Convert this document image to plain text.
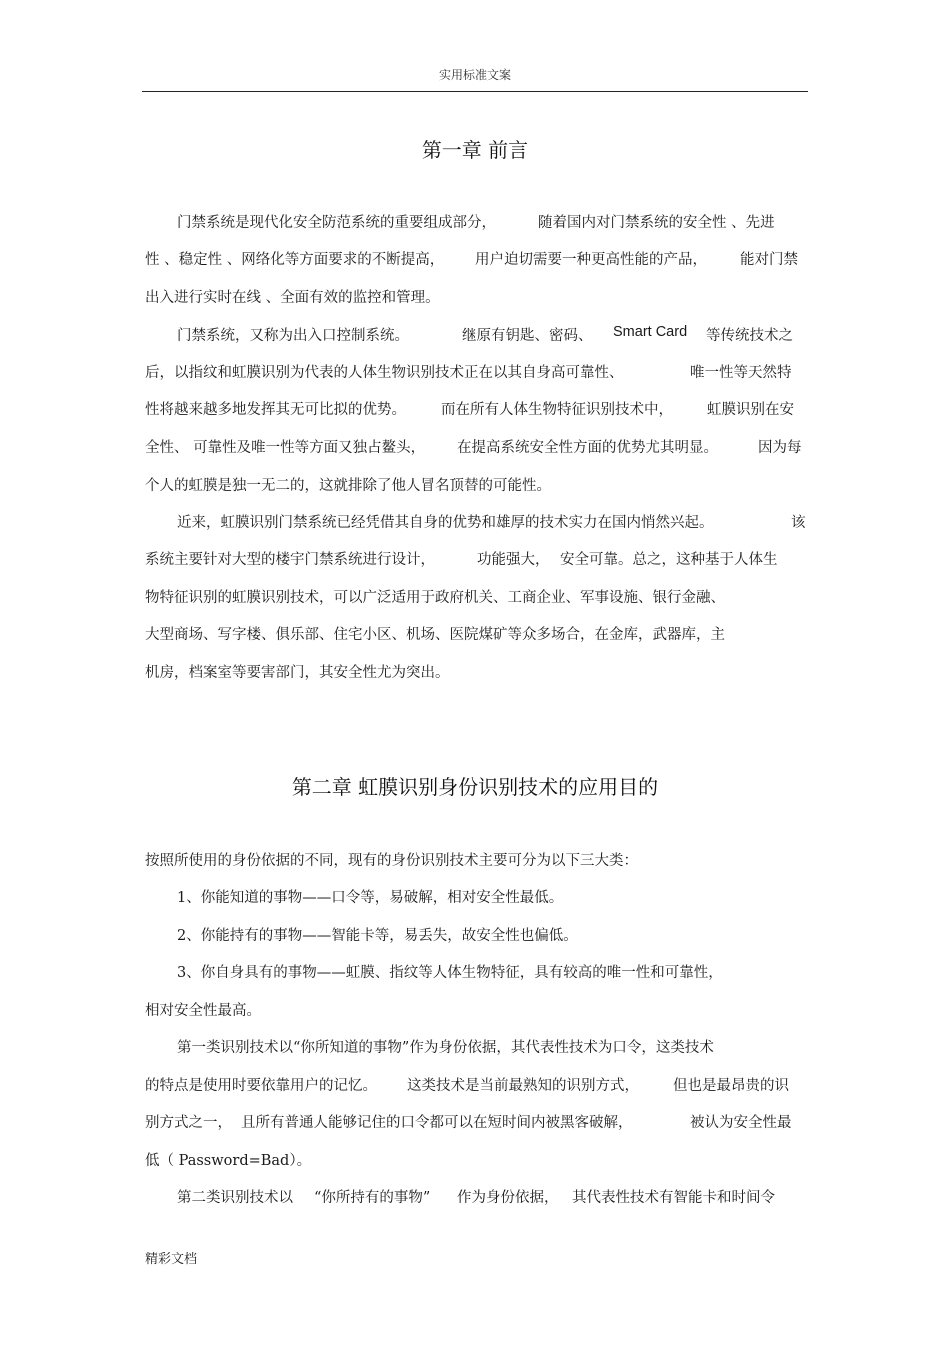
实用标准文案
第一章 前言
门禁系统是现代化安全防范系统的重要组成部分，	随着国内对门禁系统的安全性 、先进
性 、稳定性 、网络化等方面要求的不断提高， 用户迫切需要一种更高性能的产品， 能对门禁
出入进行实时在线 、全面有效的监控和管理。
门禁系统，又称为出入口控制系统。	继原有钥匙、密码、 Smart Card 等传统技术之
后，以指纹和虹膜识别为代表的人体生物识别技术正在以其自身高可靠性、	唯一性等天然特
性将越来越多地发挥其无可比拟的优势。 而在所有人体生物特征识别技术中， 虹膜识别在安
全性、 可靠性及唯一性等方面又独占鳌头， 在提高系统安全性方面的优势尤其明显。	因为每
个人的虹膜是独一无二的，这就排除了他人冒名顶替的可能性。
近来，虹膜识别门禁系统已经凭借其自身的优势和雄厚的技术实力在国内悄然兴起。	该
系统主要针对大型的楼宇门禁系统进行设计，	功能强大， 安全可靠。总之，这种基于人体生
物特征识别的虹膜识别技术，可以广泛适用于政府机关、工商企业、军事设施、银行金融、
大型商场、写字楼、俱乐部、住宅小区、机场、医院煤矿等众多场合，在金库，武器库，主
机房，档案室等要害部门，其安全性尤为突出。
第二章 虹膜识别身份识别技术的应用目的
按照所使用的身份依据的不同，现有的身份识别技术主要可分为以下三大类：
1、你能知道的事物——口令等，易破解，相对安全性最低。
2、你能持有的事物——智能卡等，易丢失，故安全性也偏低。
3、你自身具有的事物——虹膜、指纹等人体生物特征，具有较高的唯一性和可靠性，
相对安全性最高。
第一类识别技术以“你所知道的事物”作为身份依据，其代表性技术为口令，这类技术
的特点是使用时要依靠用户的记忆。 这类技术是当前最熟知的识别方式， 但也是最昂贵的识
别方式之一， 且所有普通人能够记住的口令都可以在短时间内被黑客破解，	被认为安全性最
低（ Password=Bad）。
第二类识别技术以 “你所持有的事物” 作为身份依据， 其代表性技术有智能卡和时间令
精彩文档
